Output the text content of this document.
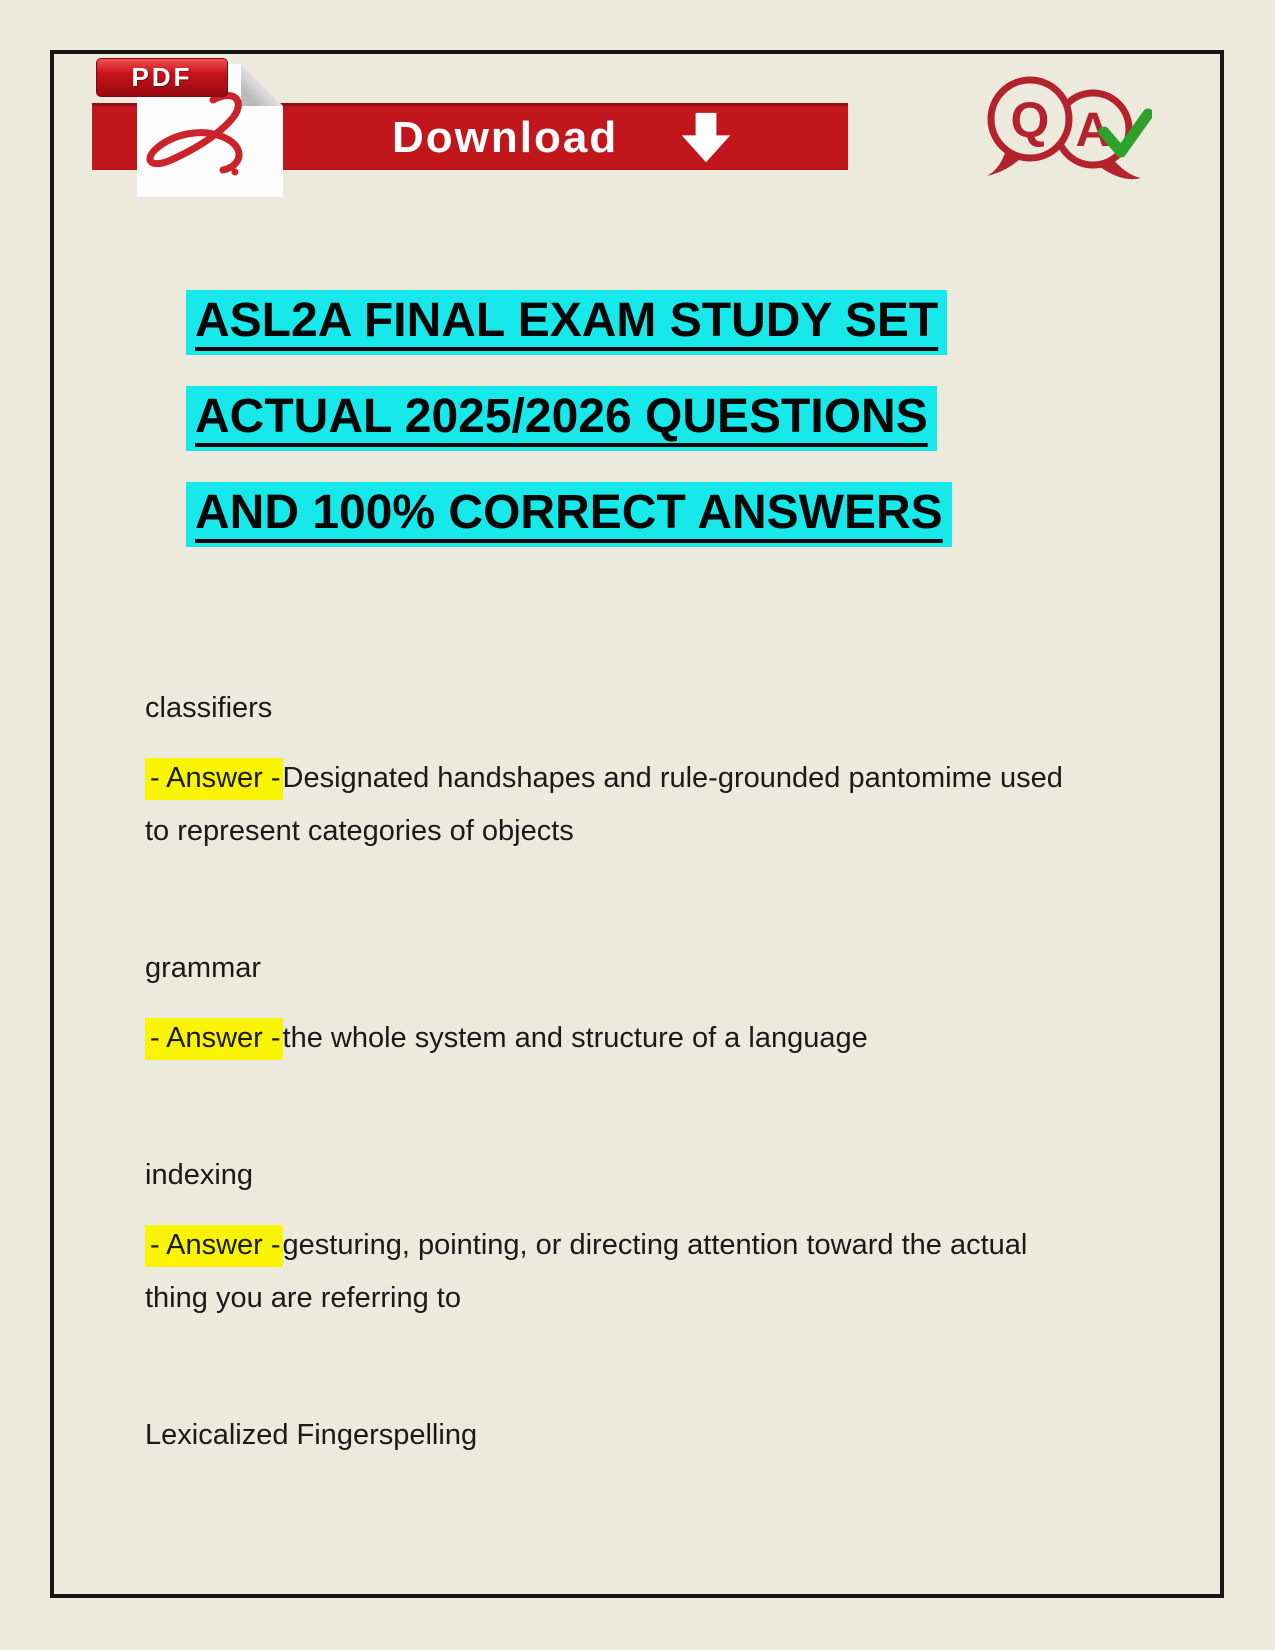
Download
PDF
A
Q
ASL2A FINAL EXAM STUDY SET
ACTUAL 2025/2026 QUESTIONS
AND 100% CORRECT ANSWERS

classifiers

- Answer -Designated handshapes and rule-grounded pantomime used to represent categories of objects

grammar

- Answer -the whole system and structure of a language

indexing

- Answer -gesturing, pointing, or directing attention toward the actual thing you are referring to

Lexicalized Fingerspelling
